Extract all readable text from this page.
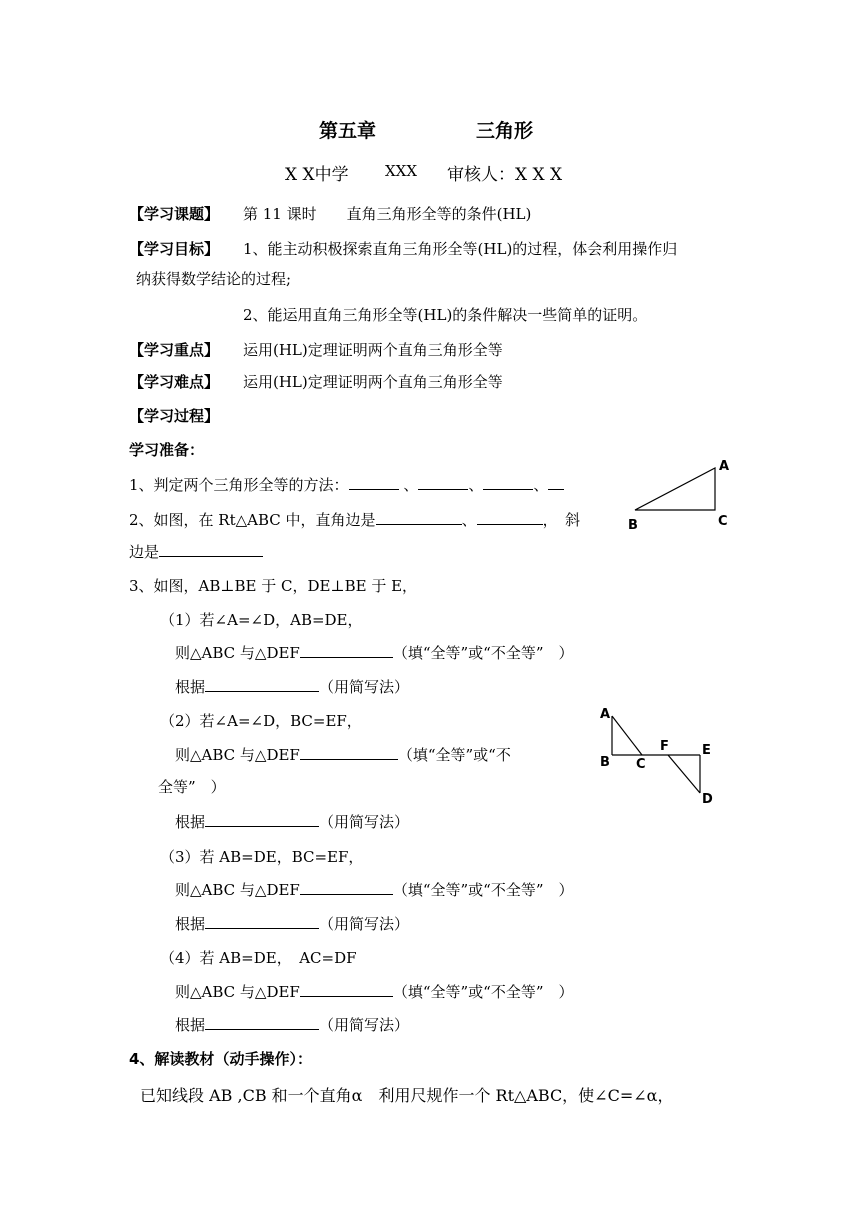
第五章	三角形
X X中学 XXX 审核人：X X X
【学习课题】 第 11 课时　　直角三角形全等的条件(HL)
【学习目标】 1、能主动积极探索直角三角形全等(HL)的过程，体会利用操作归
纳获得数学结论的过程;
2、能运用直角三角形全等(HL)的条件解决一些简单的证明。
【学习重点】 运用(HL)定理证明两个直角三角形全等
【学习难点】 运用(HL)定理证明两个直角三角形全等
【学习过程】
学习准备：
1、判定两个三角形全等的方法：	、	、	、
2、如图，在 Rt△ABC 中，直角边是	、	，　斜
边是
3、如图，AB⊥BE 于 C，DE⊥BE 于 E，
（1）若∠A=∠D，AB=DE，
则△ABC 与△DEF	（填“全等”或“不全等”　）
根据	（用简写法）
（2）若∠A=∠D，BC=EF，
则△ABC 与△DEF	（填“全等”或“不
全等”　）
根据	（用简写法）
（3）若 AB=DE，BC=EF，
则△ABC 与△DEF	（填“全等”或“不全等”　）
根据	（用简写法）
（4）若 AB=DE，　AC=DF
则△ABC 与△DEF	（填“全等”或“不全等”　）
根据	（用简写法）
4、解读教材（动手操作）：
已知线段 AB ,CB 和一个直角α　利用尺规作一个 Rt△ABC，使∠C=∠α，
A
B	C
A
B C
F	E
D
